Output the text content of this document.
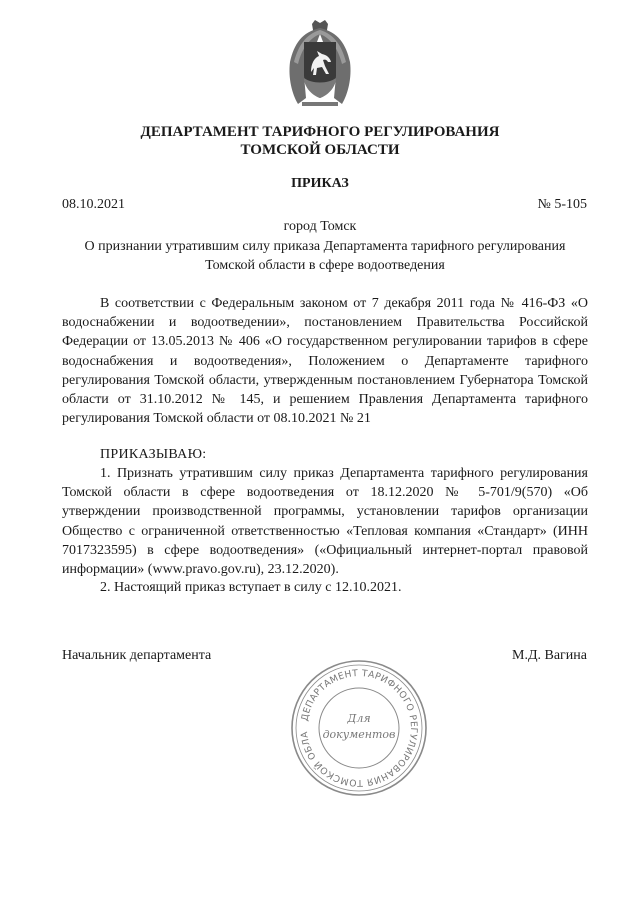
ДЕПАРТАМЕНТ ТАРИФНОГО РЕГУЛИРОВАНИЯ
ТОМСКОЙ ОБЛАСТИ
ПРИКАЗ
08.10.2021	№ 5-105
город Томск
О признании утратившим силу приказа Департамента тарифного регулирования Томской области в сфере водоотведения

В соответствии с Федеральным законом от 7 декабря 2011 года № 416-ФЗ «О водоснабжении и водоотведении», постановлением Правительства Российской Федерации от 13.05.2013 № 406 «О государственном регулировании тарифов в сфере водоснабжения и водоотведения», Положением о Департаменте тарифного регулирования Томской области, утвержденным постановлением Губернатора Томской области от 31.10.2012 № 145, и решением Правления Департамента тарифного регулирования Томской области от 08.10.2021 № 21

ПРИКАЗЫВАЮ:

1. Признать утратившим силу приказ Департамента тарифного регулирования Томской области в сфере водоотведения от 18.12.2020 № 5-701/9(570) «Об утверждении производственной программы, установлении тарифов организации Общество с ограниченной ответственностью «Тепловая компания «Стандарт» (ИНН 7017323595) в сфере водоотведения» («Официальный интернет-портал правовой информации» (www.pravo.gov.ru), 23.12.2020).

2. Настоящий приказ вступает в силу с 12.10.2021.

Начальник департамента	М.Д. Вагина
ДЕПАРТАМЕНТ ТАРИФНОГО РЕГУЛИРОВАНИЯ ТОМСКОЙ ОБЛА
Для
документов
